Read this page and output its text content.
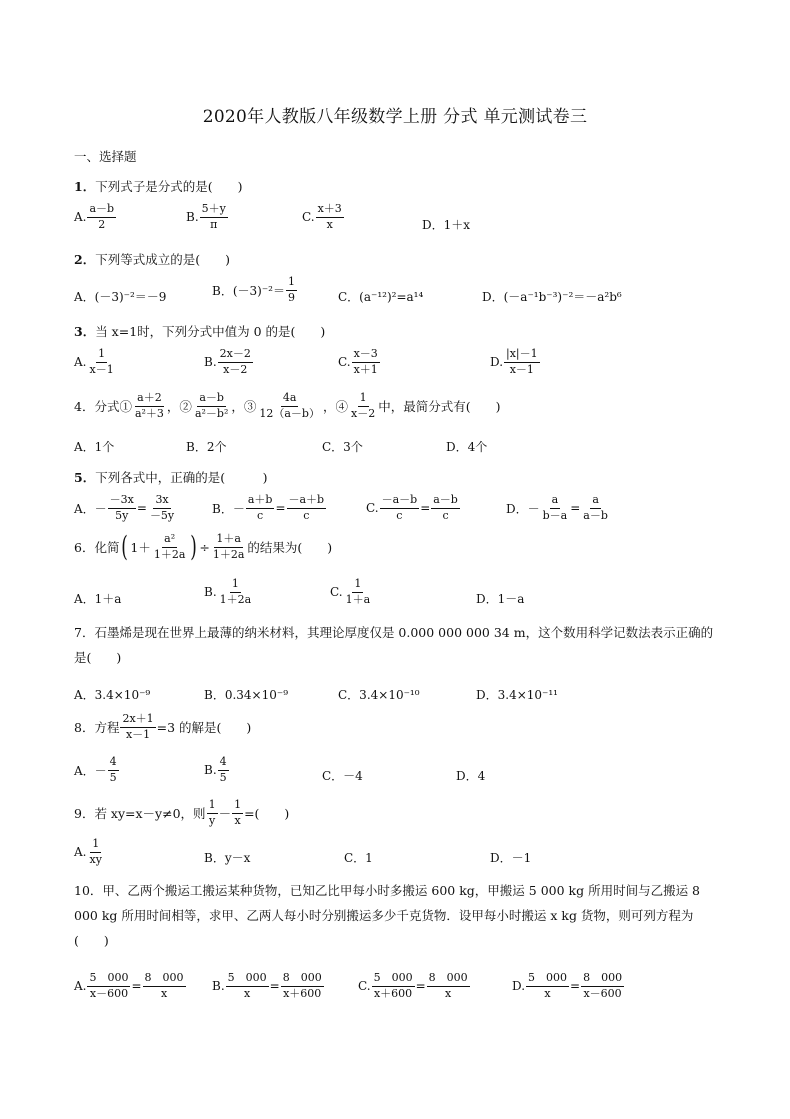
2020年人教版八年级数学上册 分式 单元测试卷三
一、选择题
1． 下列式子是分式的是(　　)
A. $\frac{a-b}{2}$	B. $\frac{5+y}{\pi}$	C. $\frac{x+3}{x}$	D．1＋x
2． 下列等式成立的是(　　)
A．(－3)⁻²＝－9	B．$(-3)^{-2}= \frac{1}{9}$	C．(a⁻¹²)²=a¹⁴	D．(－a⁻¹b⁻³)⁻²＝－a²b⁶
3． 当 x=1时，下列分式中值为 0 的是(　　)
A. $\frac{1}{x-1}$	B. $\frac{2x-2}{x-2}$	C. $\frac{x-3}{x+1}$	D. $\frac{|x|-1}{x-1}$
4．分式① $\frac{a+2}{\text{a²＋3}}$ ，② $\frac{a-b}{\text{a²－b²}}$ ，③ $\frac{4a}{12(a-b)}$ ，④ $\frac{1}{x-2}$ 中，最简分式有(　　)
A．1个	B．2个	C．3个	D．4个
5． 下列各式中，正确的是(　　　)
A．－ $\frac{-3x}{5y} = \frac{3x}{-5y}$	B．－ $\frac{a+b}{c} = \frac{-a+b}{c}$	C. $\frac{-a-b}{c} = \frac{a-b}{c}$	D．－ $\frac{a}{b-a} = \frac{a}{a-b}$
6．化简 ( $1+ \frac{\text{a²}}{1+2a}$ ) ÷ $\frac{1+a}{1+2a}$ 的结果为(　　)
A．1＋a	B. $\frac{1}{1+2a}$	C. $\frac{1}{1+a}$	D．1－a
7．石墨烯是现在世界上最薄的纳米材料，其理论厚度仅是 0.000 000 000 34 m，这个数用科学记数法表示正确的是(　　)
A．3.4×10⁻⁹	B．0.34×10⁻⁹	C．3.4×10⁻¹⁰	D．3.4×10⁻¹¹
8．方程 $\frac{2x+1}{x-1} =3$ 的解是(　　)
A．－ $\frac{4}{5}$	B. $\frac{4}{5}$	C．－4	D．4
9．若 xy=x－y≠0，则 $\frac{1}{y} - \frac{1}{x}$ =(　　)
A. $\frac{1}{xy}$	B．y－x	C．1	D．－1
10．甲、乙两个搬运工搬运某种货物，已知乙比甲每小时多搬运 600 kg，甲搬运 5 000 kg 所用时间与乙搬运 8 000 kg 所用时间相等，求甲、乙两人每小时分别搬运多少千克货物．设甲每小时搬运 x kg 货物，则可列方程为(　　)
A. $\frac{5 000}{x-600} = \frac{8 000}{x} B$. $\frac{5 000}{x} = \frac{8 000}{x+600}$	C. $\frac{5 000}{x+600} = \frac{8 000}{x}$	D. $\frac{5 000}{x} = \frac{8 000}{x-600}$
